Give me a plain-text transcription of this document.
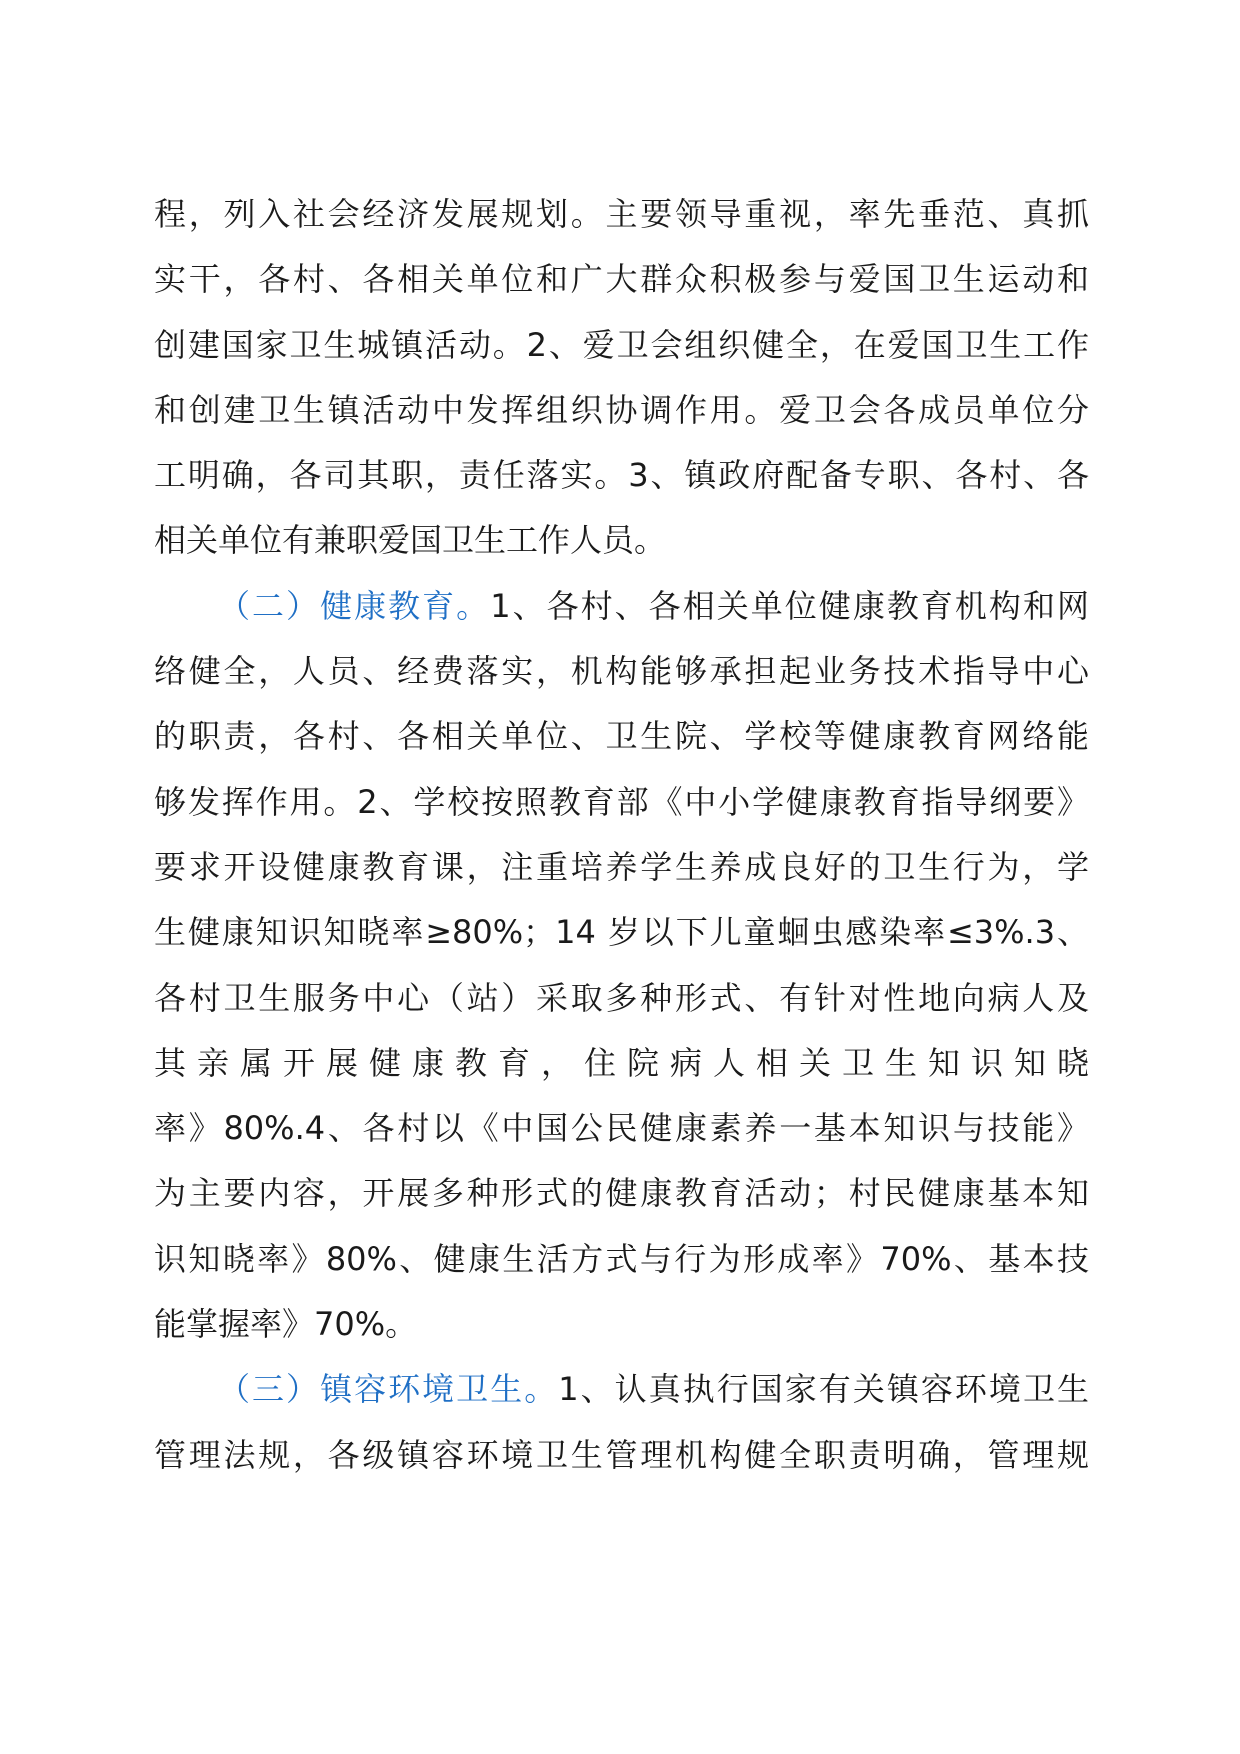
程，列入社会经济发展规划。主要领导重视，率先垂范、真抓
实干，各村、各相关单位和广大群众积极参与爱国卫生运动和
创建国家卫生城镇活动。2、爱卫会组织健全，在爱国卫生工作
和创建卫生镇活动中发挥组织协调作用。爱卫会各成员单位分
工明确，各司其职，责任落实。3、镇政府配备专职、各村、各
相关单位有兼职爱国卫生工作人员。
（二）健康教育。1、各村、各相关单位健康教育机构和网
络健全，人员、经费落实，机构能够承担起业务技术指导中心
的职责，各村、各相关单位、卫生院、学校等健康教育网络能
够发挥作用。2、学校按照教育部《中小学健康教育指导纲要》
要求开设健康教育课，注重培养学生养成良好的卫生行为，学
生健康知识知晓率≥80%；14 岁以下儿童蛔虫感染率≤3%.3、
各村卫生服务中心（站）采取多种形式、有针对性地向病人及
其亲属开展健康教育，住院病人相关卫生知识知晓
率》80%.4、各村以《中国公民健康素养一基本知识与技能》
为主要内容，开展多种形式的健康教育活动；村民健康基本知
识知晓率》80%、健康生活方式与行为形成率》70%、基本技
能掌握率》70%。
（三）镇容环境卫生。1、认真执行国家有关镇容环境卫生
管理法规，各级镇容环境卫生管理机构健全职责明确，管理规
